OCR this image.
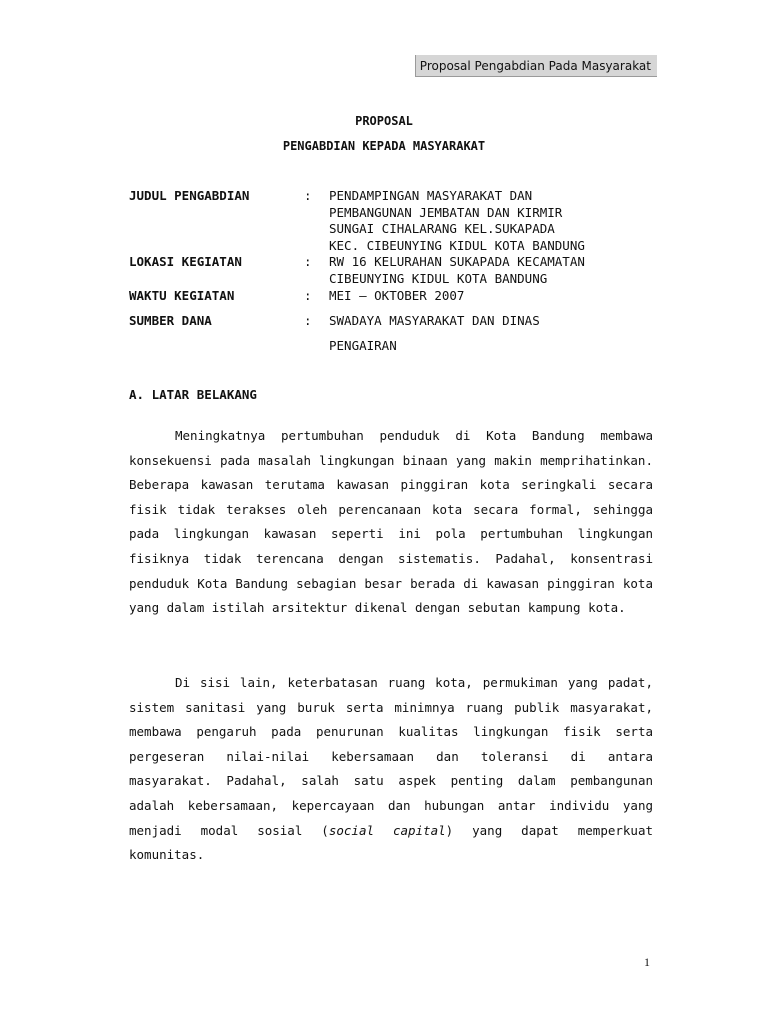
Proposal Pengabdian Pada Masyarakat
PROPOSAL
PENGABDIAN KEPADA MASYARAKAT
JUDUL PENGABDIAN	: PENDAMPINGAN MASYARAKAT DAN
PEMBANGUNAN JEMBATAN DAN KIRMIR
SUNGAI CIHALARANG KEL.SUKAPADA
KEC. CIBEUNYING KIDUL KOTA BANDUNG
LOKASI KEGIATAN	: RW 16 KELURAHAN SUKAPADA KECAMATAN
CIBEUNYING KIDUL KOTA BANDUNG
WAKTU KEGIATAN	: MEI – OKTOBER 2007
SUMBER DANA	: SWADAYA MASYARAKAT DAN DINAS
PENGAIRAN
A. LATAR BELAKANG

Meningkatnya pertumbuhan penduduk di Kota Bandung membawa konsekuensi pada masalah lingkungan binaan yang makin memprihatinkan. Beberapa kawasan terutama kawasan pinggiran kota seringkali secara fisik tidak terakses oleh perencanaan kota secara formal, sehingga pada lingkungan kawasan seperti ini pola pertumbuhan lingkungan fisiknya tidak terencana dengan sistematis. Padahal, konsentrasi penduduk Kota Bandung sebagian besar berada di kawasan pinggiran kota yang dalam istilah arsitektur dikenal dengan sebutan kampung kota.

Di sisi lain, keterbatasan ruang kota, permukiman yang padat, sistem sanitasi yang buruk serta minimnya ruang publik masyarakat, membawa pengaruh pada penurunan kualitas lingkungan fisik serta pergeseran nilai-nilai kebersamaan dan toleransi di antara masyarakat. Padahal, salah satu aspek penting dalam pembangunan adalah kebersamaan, kepercayaan dan hubungan antar individu yang menjadi modal sosial (social capital) yang dapat memperkuat komunitas.

1
